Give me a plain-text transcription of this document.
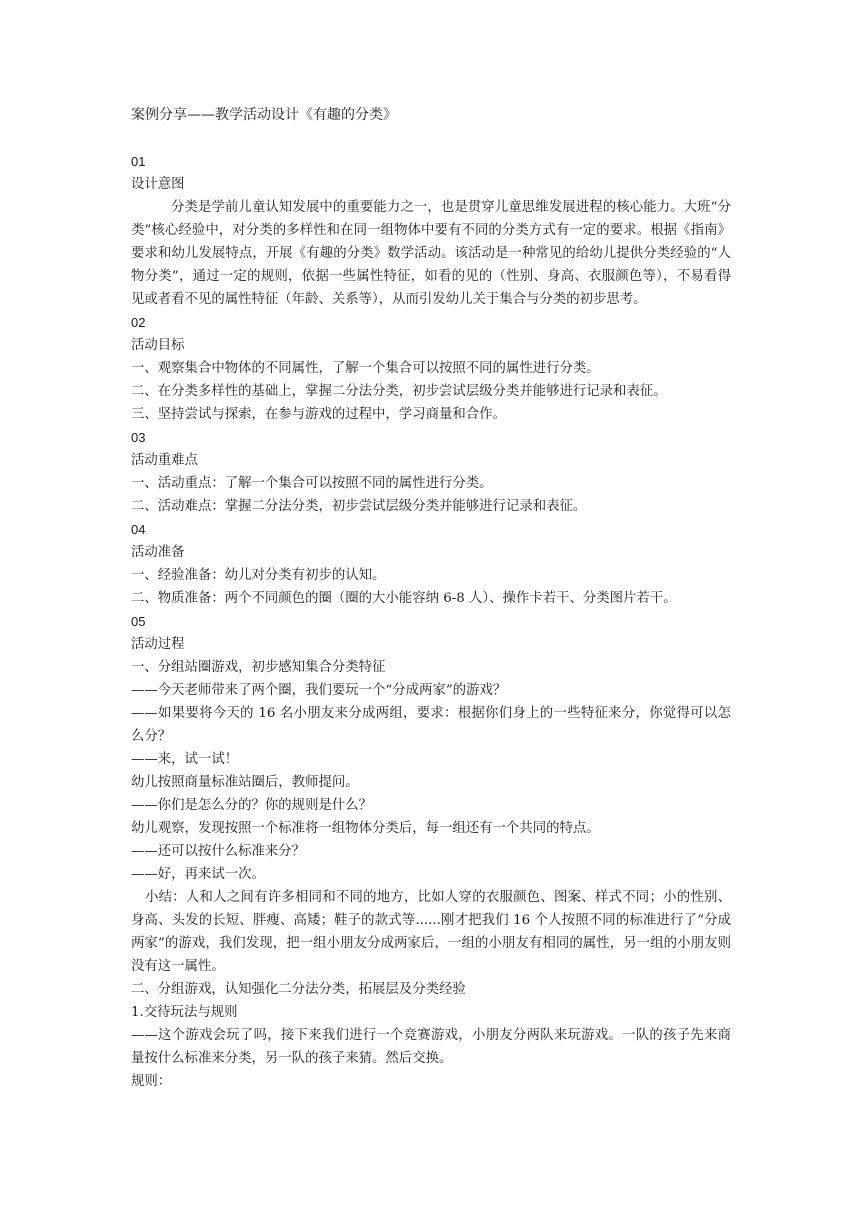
案例分享——教学活动设计《有趣的分类》

01

设计意图

分类是学前儿童认知发展中的重要能力之一，也是贯穿儿童思维发展进程的核心能力。大班“分类”核心经验中，对分类的多样性和在同一组物体中要有不同的分类方式有一定的要求。根据《指南》要求和幼儿发展特点，开展《有趣的分类》数学活动。该活动是一种常见的给幼儿提供分类经验的“人物分类”，通过一定的规则，依据一些属性特征，如看的见的（性别、身高、衣服颜色等），不易看得见或者看不见的属性特征（年龄、关系等），从而引发幼儿关于集合与分类的初步思考。

02

活动目标

一、观察集合中物体的不同属性，了解一个集合可以按照不同的属性进行分类。

二、在分类多样性的基础上，掌握二分法分类，初步尝试层级分类并能够进行记录和表征。

三、坚持尝试与探索，在参与游戏的过程中，学习商量和合作。

03

活动重难点

一、活动重点：了解一个集合可以按照不同的属性进行分类。

二、活动难点：掌握二分法分类，初步尝试层级分类并能够进行记录和表征。

04

活动准备

一、经验准备：幼儿对分类有初步的认知。

二、物质准备：两个不同颜色的圈（圈的大小能容纳 6-8 人）、操作卡若干、分类图片若干。

05

活动过程

一、分组站圈游戏，初步感知集合分类特征

——今天老师带来了两个圈，我们要玩一个“分成两家”的游戏？

——如果要将今天的 16 名小朋友来分成两组，要求：根据你们身上的一些特征来分，你觉得可以怎么分？

——来，试一试！

幼儿按照商量标准站圈后，教师提问。

——你们是怎么分的？你的规则是什么？

幼儿观察，发现按照一个标准将一组物体分类后，每一组还有一个共同的特点。

——还可以按什么标准来分？

——好，再来试一次。

小结：人和人之间有许多相同和不同的地方，比如人穿的衣服颜色、图案、样式不同；小的性别、身高、头发的长短、胖瘦、高矮；鞋子的款式等......刚才把我们 16 个人按照不同的标准进行了“分成两家”的游戏，我们发现，把一组小朋友分成两家后，一组的小朋友有相同的属性，另一组的小朋友则没有这一属性。

二、分组游戏，认知强化二分法分类，拓展层及分类经验

1.交待玩法与规则

——这个游戏会玩了吗，接下来我们进行一个竞赛游戏，小朋友分两队来玩游戏。一队的孩子先来商量按什么标准来分类，另一队的孩子来猜。然后交换。

规则：
